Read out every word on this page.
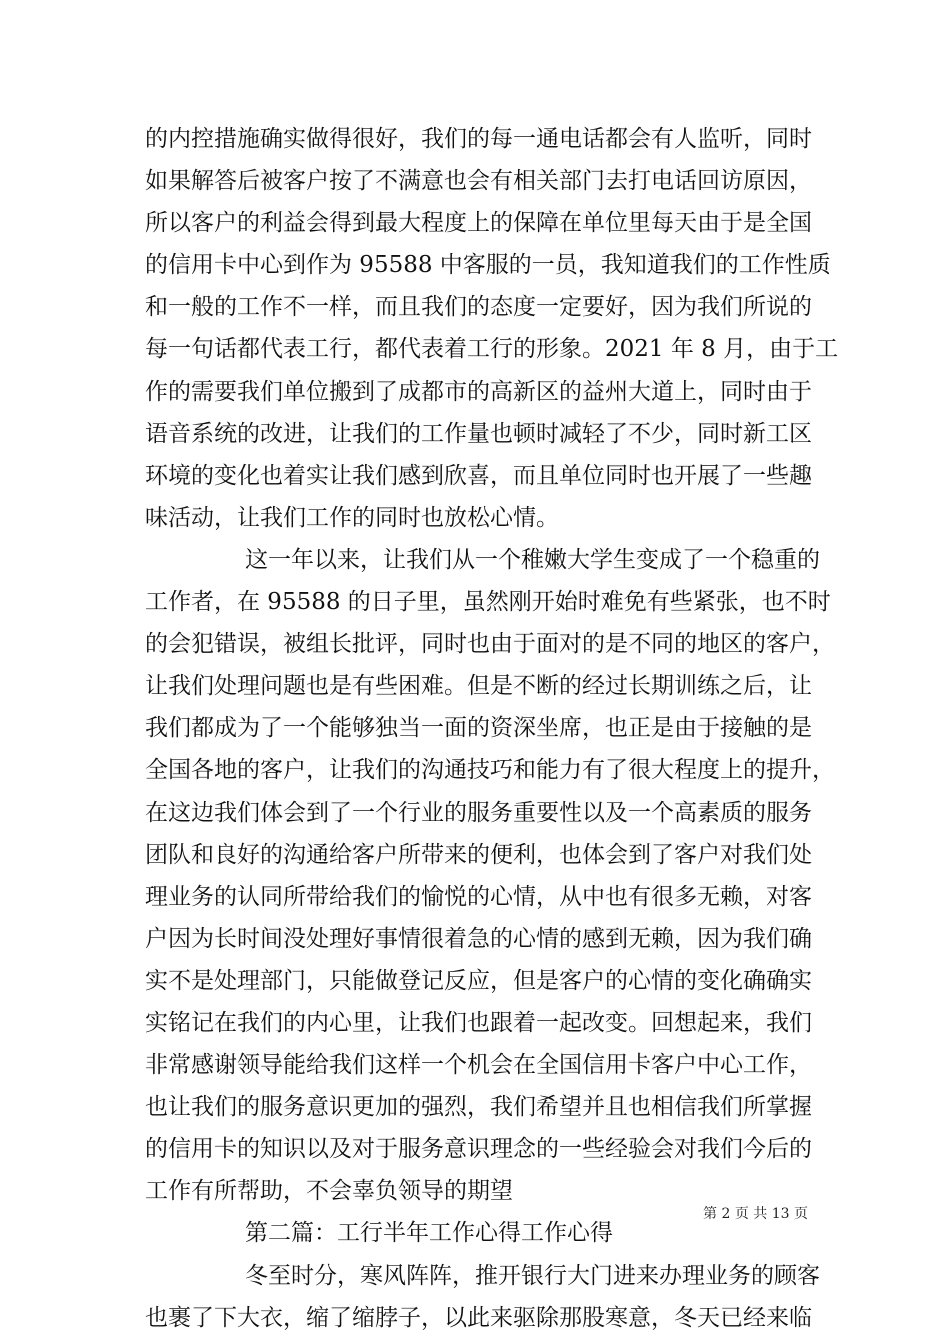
的内控措施确实做得很好，我们的每一通电话都会有人监听，同时
如果解答后被客户按了不满意也会有相关部门去打电话回访原因，
所以客户的利益会得到最大程度上的保障在单位里每天由于是全国
的信用卡中心到作为 95588 中客服的一员，我知道我们的工作性质
和一般的工作不一样，而且我们的态度一定要好，因为我们所说的
每一句话都代表工行，都代表着工行的形象。2021 年 8 月，由于工
作的需要我们单位搬到了成都市的高新区的益州大道上，同时由于
语音系统的改进，让我们的工作量也顿时减轻了不少，同时新工区
环境的变化也着实让我们感到欣喜，而且单位同时也开展了一些趣
味活动，让我们工作的同时也放松心情。
这一年以来，让我们从一个稚嫩大学生变成了一个稳重的
工作者，在 95588 的日子里，虽然刚开始时难免有些紧张，也不时
的会犯错误，被组长批评，同时也由于面对的是不同的地区的客户，
让我们处理问题也是有些困难。但是不断的经过长期训练之后，让
我们都成为了一个能够独当一面的资深坐席，也正是由于接触的是
全国各地的客户，让我们的沟通技巧和能力有了很大程度上的提升，
在这边我们体会到了一个行业的服务重要性以及一个高素质的服务
团队和良好的沟通给客户所带来的便利，也体会到了客户对我们处
理业务的认同所带给我们的愉悦的心情，从中也有很多无赖，对客
户因为长时间没处理好事情很着急的心情的感到无赖，因为我们确
实不是处理部门，只能做登记反应，但是客户的心情的变化确确实
实铭记在我们的内心里，让我们也跟着一起改变。回想起来，我们
非常感谢领导能给我们这样一个机会在全国信用卡客户中心工作，
也让我们的服务意识更加的强烈，我们希望并且也相信我们所掌握
的信用卡的知识以及对于服务意识理念的一些经验会对我们今后的
工作有所帮助，不会辜负领导的期望
第二篇：工行半年工作心得工作心得
冬至时分，寒风阵阵，推开银行大门进来办理业务的顾客
也裹了下大衣，缩了缩脖子，以此来驱除那股寒意，冬天已经来临
第 2 页 共 13 页
